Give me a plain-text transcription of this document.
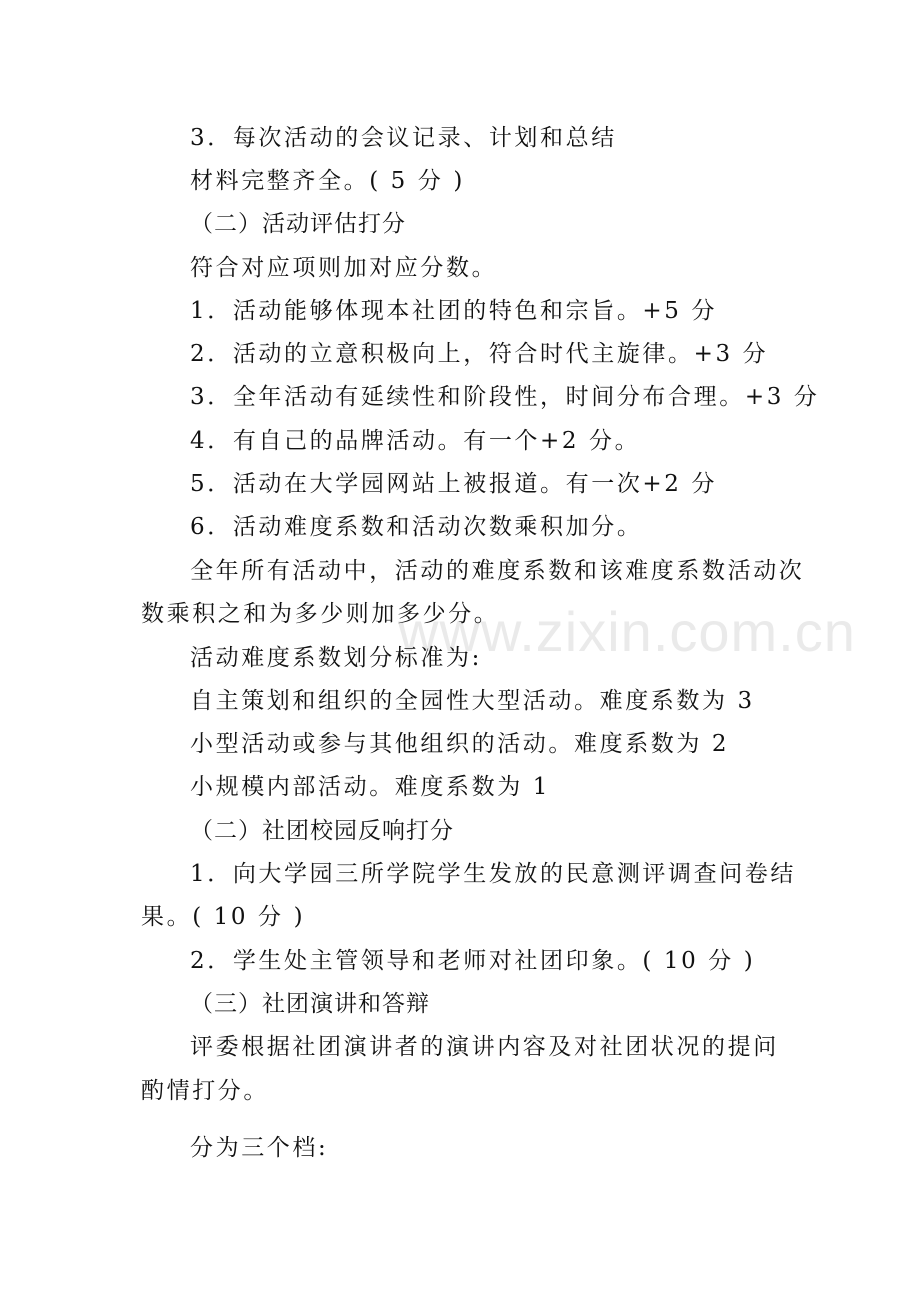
www.zixin.com.cn
3．每次活动的会议记录、计划和总结
材料完整齐全。( 5 分 )
（二）活动评估打分
符合对应项则加对应分数。
1．活动能够体现本社团的特色和宗旨。+5 分
2．活动的立意积极向上，符合时代主旋律。+3 分
3．全年活动有延续性和阶段性，时间分布合理。+3 分
4．有自己的品牌活动。有一个+2 分。
5．活动在大学园网站上被报道。有一次+2 分
6．活动难度系数和活动次数乘积加分。
全年所有活动中，活动的难度系数和该难度系数活动次
数乘积之和为多少则加多少分。
活动难度系数划分标准为:
自主策划和组织的全园性大型活动。难度系数为 3
小型活动或参与其他组织的活动。难度系数为 2
小规模内部活动。难度系数为 1
（二）社团校园反响打分
1．向大学园三所学院学生发放的民意测评调查问卷结
果。( 10 分 )
2．学生处主管领导和老师对社团印象。( 10 分 )
（三）社团演讲和答辩
评委根据社团演讲者的演讲内容及对社团状况的提问
酌情打分。
分为三个档:
